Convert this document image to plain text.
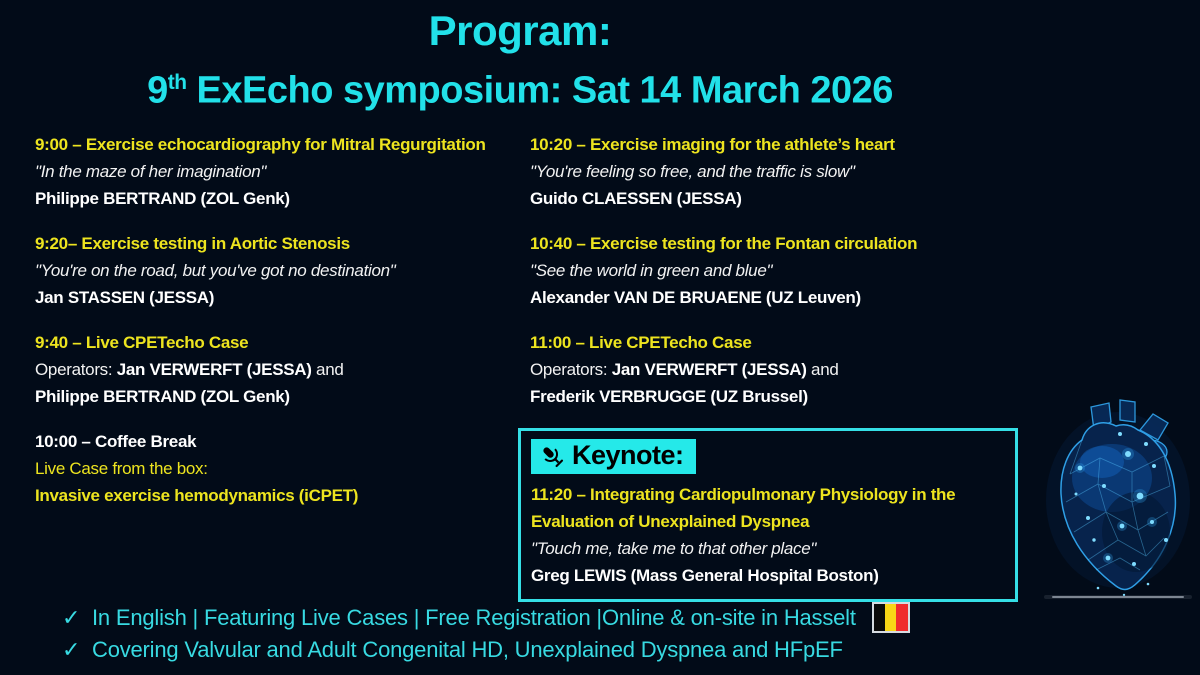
Program:
9th ExEcho symposium: Sat 14 March 2026
9:00 – Exercise echocardiography for Mitral Regurgitation
"In the maze of her imagination"
Philippe BERTRAND (ZOL Genk)
9:20– Exercise testing in Aortic Stenosis
"You're on the road, but you've got no destination"
Jan STASSEN (JESSA)
9:40 – Live CPETecho Case
Operators: Jan VERWERFT (JESSA) and
Philippe BERTRAND (ZOL Genk)
10:00 – Coffee Break
Live Case from the box:
Invasive exercise hemodynamics (iCPET)
10:20 – Exercise imaging for the athlete’s heart
"You're feeling so free, and the traffic is slow"
Guido CLAESSEN (JESSA)
10:40 – Exercise testing for the Fontan circulation
"See the world in green and blue"
Alexander VAN DE BRUAENE (UZ Leuven)
11:00 – Live CPETecho Case
Operators: Jan VERWERFT (JESSA) and
Frederik VERBRUGGE (UZ Brussel)
Keynote:
11:20 – Integrating Cardiopulmonary Physiology in the Evaluation of Unexplained Dyspnea
"Touch me, take me to that other place"
Greg LEWIS (Mass General Hospital Boston)
✓ In English | Featuring Live Cases | Free Registration |Online & on-site in Hasselt
✓ Covering Valvular and Adult Congenital HD, Unexplained Dyspnea and HFpEF
